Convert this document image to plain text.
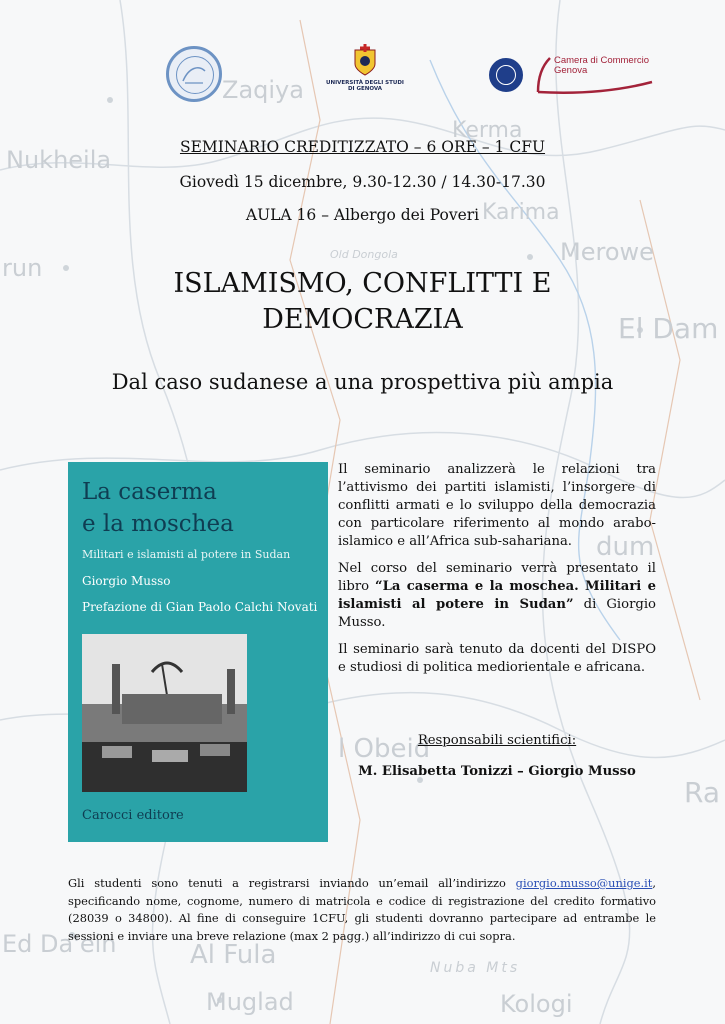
Nukheila
Zaqiya
Kerma
Karima
Merowe
run
El Dam
Old Dongola
dum
l Obeid
Ra
Ed Da'ein	Al Fula	Nuba Mts
Muglad	Kologi
UNIVERSITÀ DEGLI STUDI
DI GENOVA
Camera di Commercio
Genova
SEMINARIO CREDITIZZATO – 6 ORE – 1 CFU
Giovedì 15 dicembre, 9.30-12.30 / 14.30-17.30
AULA 16 – Albergo dei Poveri
ISLAMISMO, CONFLITTI E
DEMOCRAZIA
Dal caso sudanese a una prospettiva più ampia
La caserma
e la moschea
Militari e islamisti al potere in Sudan
Giorgio Musso
Prefazione di Gian Paolo Calchi Novati
Carocci editore

Il seminario analizzerà le relazioni tra l’attivismo dei partiti islamisti, l’insorgere di conflitti armati e lo sviluppo della democrazia con particolare riferimento al mondo arabo-islamico e all’Africa sub-sahariana.

Nel corso del seminario verrà presentato il libro “La caserma e la moschea. Militari e islamisti al potere in Sudan” di Giorgio Musso.

Il seminario sarà tenuto da docenti del DISPO e studiosi di politica mediorientale e africana.

Responsabili scientifici:
M. Elisabetta Tonizzi – Giorgio Musso
Gli studenti sono tenuti a registrarsi inviando un’email all’indirizzo giorgio.musso@unige.it, specificando nome, cognome, numero di matricola e codice di registrazione del credito formativo (28039 o 34800). Al fine di conseguire 1CFU, gli studenti dovranno partecipare ad entrambe le sessioni e inviare una breve relazione (max 2 pagg.) all’indirizzo di cui sopra.
